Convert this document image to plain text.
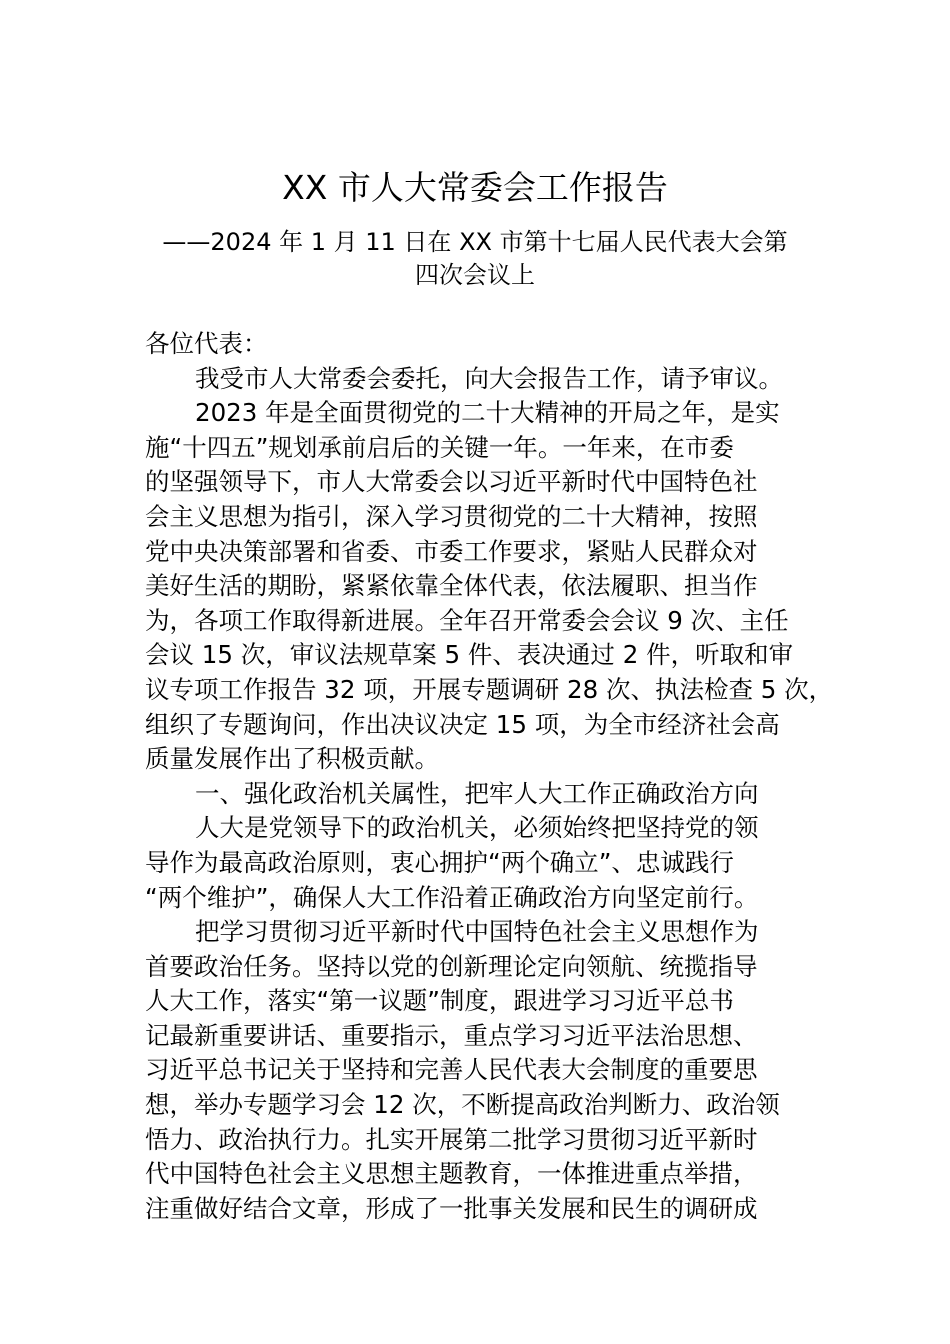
XX 市人大常委会工作报告
——2024 年 1 月 11 日在 XX 市第十七届人民代表大会第
四次会议上
各位代表：
我受市人大常委会委托，向大会报告工作，请予审议。
2023 年是全面贯彻党的二十大精神的开局之年，是实
施“十四五”规划承前启后的关键一年。一年来，在市委
的坚强领导下，市人大常委会以习近平新时代中国特色社
会主义思想为指引，深入学习贯彻党的二十大精神，按照
党中央决策部署和省委、市委工作要求，紧贴人民群众对
美好生活的期盼，紧紧依靠全体代表，依法履职、担当作
为，各项工作取得新进展。全年召开常委会会议 9 次、主任
会议 15 次，审议法规草案 5 件、表决通过 2 件，听取和审
议专项工作报告 32 项，开展专题调研 28 次、执法检查 5 次，
组织了专题询问，作出决议决定 15 项，为全市经济社会高
质量发展作出了积极贡献。
一、强化政治机关属性，把牢人大工作正确政治方向
人大是党领导下的政治机关，必须始终把坚持党的领
导作为最高政治原则，衷心拥护“两个确立”、忠诚践行
“两个维护”，确保人大工作沿着正确政治方向坚定前行。
把学习贯彻习近平新时代中国特色社会主义思想作为
首要政治任务。坚持以党的创新理论定向领航、统揽指导
人大工作，落实“第一议题”制度，跟进学习习近平总书
记最新重要讲话、重要指示，重点学习习近平法治思想、
习近平总书记关于坚持和完善人民代表大会制度的重要思
想，举办专题学习会 12 次，不断提高政治判断力、政治领
悟力、政治执行力。扎实开展第二批学习贯彻习近平新时
代中国特色社会主义思想主题教育，一体推进重点举措，
注重做好结合文章，形成了一批事关发展和民生的调研成
